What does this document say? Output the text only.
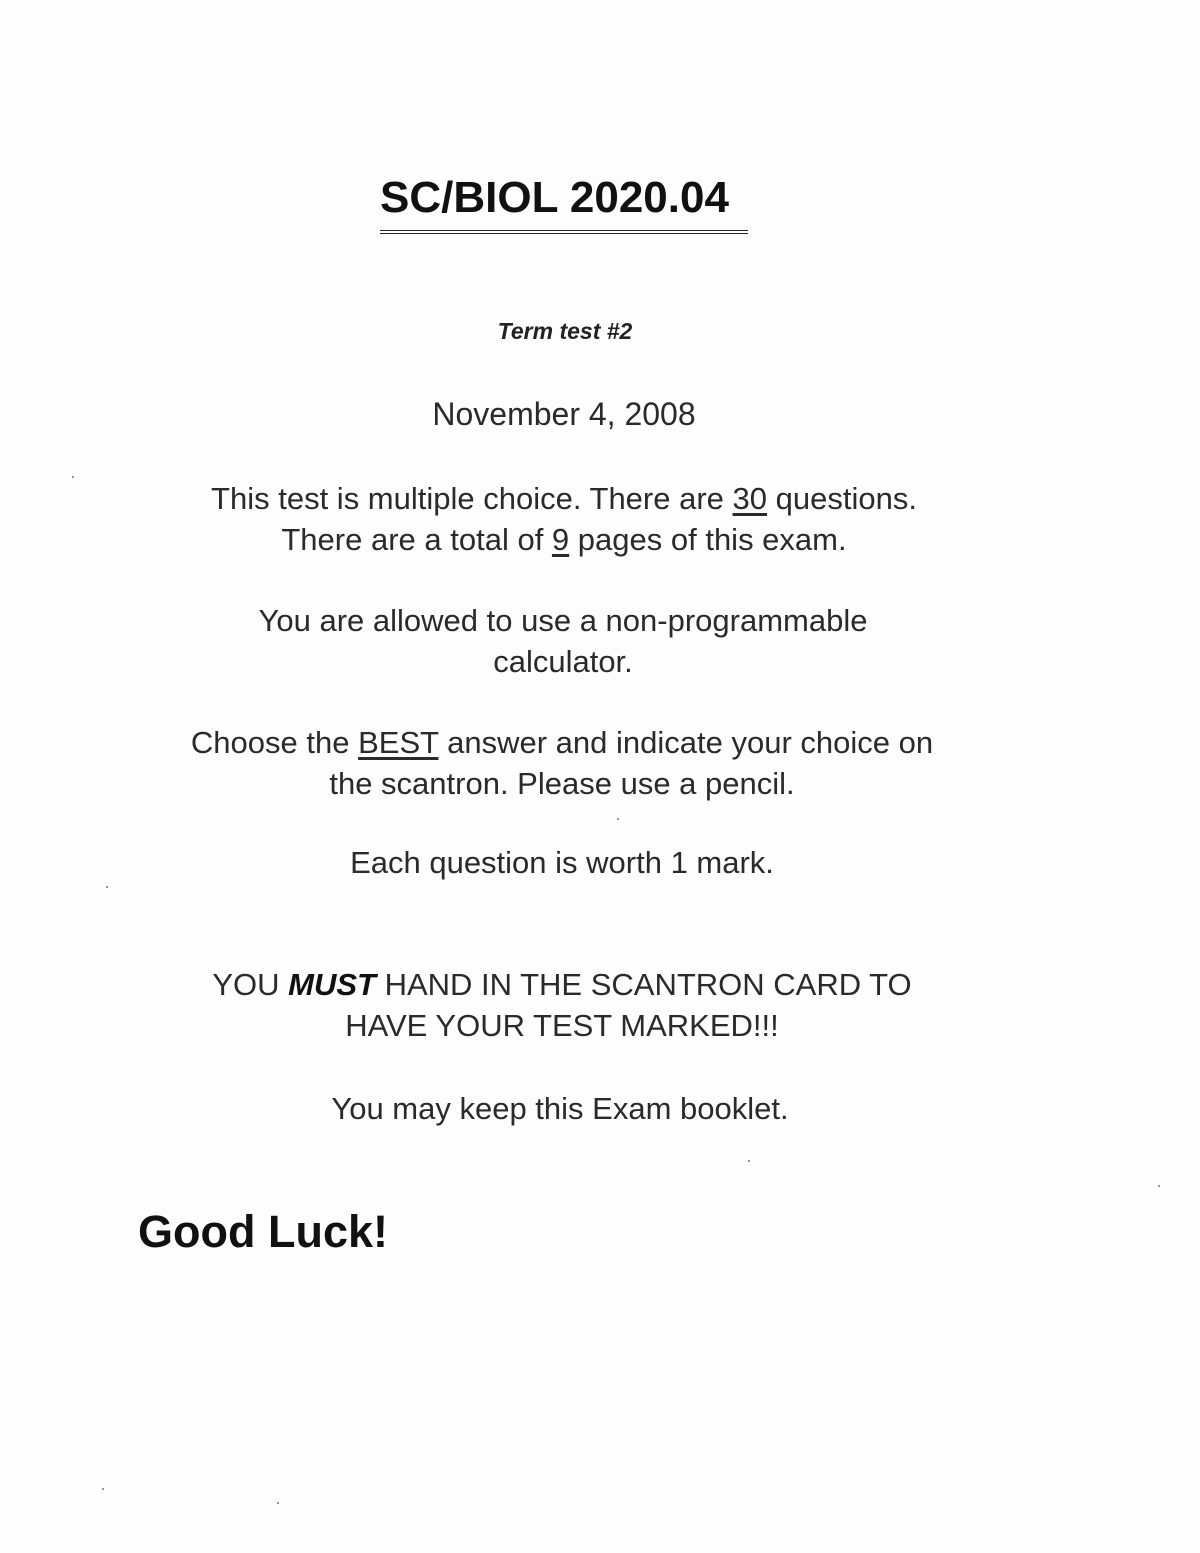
SC/BIOL 2020.04
Term test #2
November 4, 2008
This test is multiple choice. There are 30 questions.
There are a total of 9 pages of this exam.
You are allowed to use a non-programmable
calculator.
Choose the BEST answer and indicate your choice on
the scantron. Please use a pencil.
Each question is worth 1 mark.
YOU MUST HAND IN THE SCANTRON CARD TO
HAVE YOUR TEST MARKED!!!
You may keep this Exam booklet.
Good Luck!
